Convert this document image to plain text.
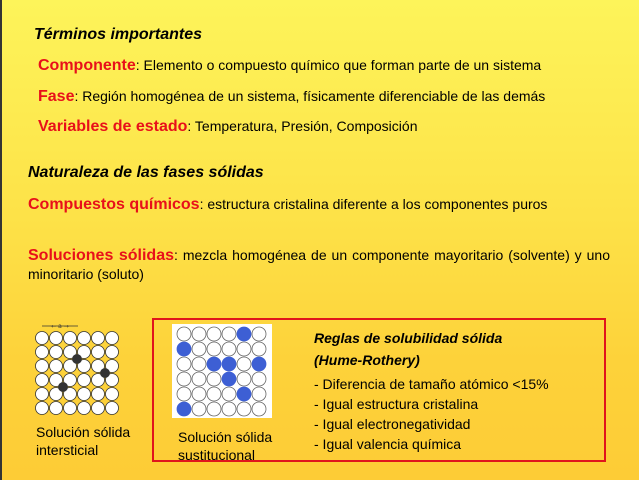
Términos importantes
Componente: Elemento o compuesto químico que forman parte de un sistema
Fase: Región homogénea de un sistema, físicamente diferenciable de las demás
Variables de estado: Temperatura, Presión, Composición
Naturaleza de las fases sólidas
Compuestos químicos: estructura cristalina diferente a los componentes puros
Soluciones sólidas: mezcla homogénea de un componente mayoritario (solvente) y uno minoritario (soluto)
← a →
Solución sólida
intersticial
Solución sólida
sustitucional
Reglas de solubilidad sólida
(Hume-Rothery)
- Diferencia de tamaño atómico <15%
- Igual estructura cristalina
- Igual electronegatividad
- Igual valencia química
